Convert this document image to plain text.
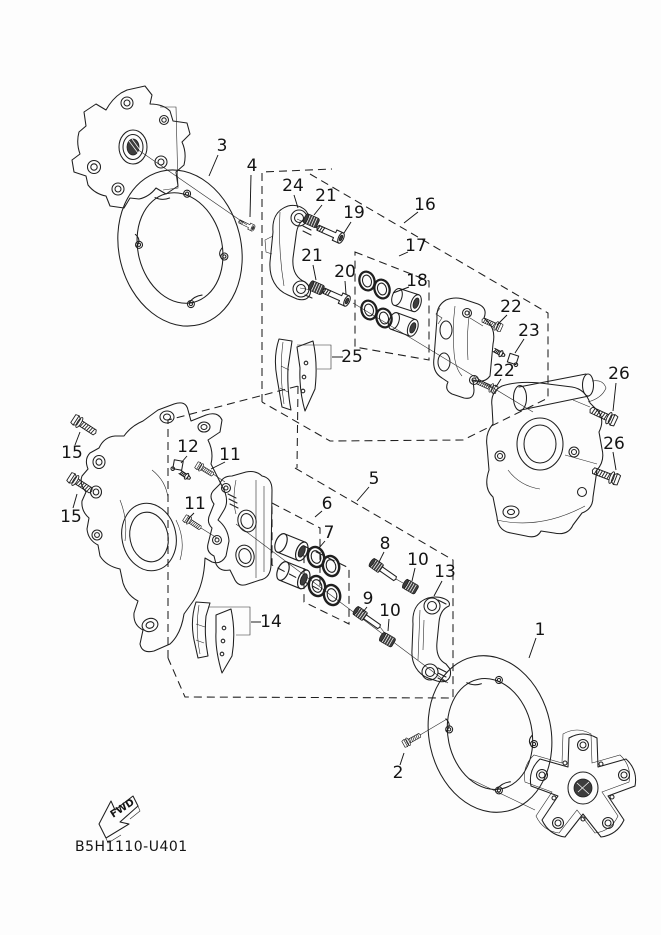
FWD
B5H1110-U401
3
4
24 21
19	16
17
21
20	18
22
23
22	26
26
15
15
12 11
11	6
5
7
8
10
13
9
10
14
25
1
2
